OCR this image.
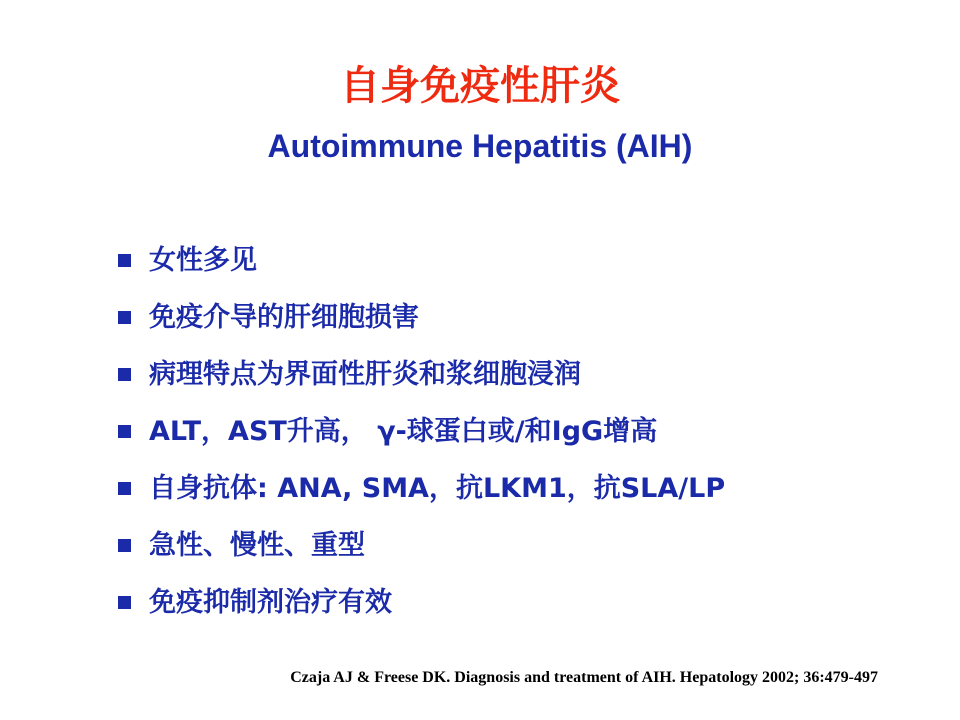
自身免疫性肝炎
Autoimmune Hepatitis (AIH)
女性多见
免疫介导的肝细胞损害
病理特点为界面性肝炎和浆细胞浸润
ALT，AST升高， γ-球蛋白或/和IgG增高
自身抗体: ANA, SMA，抗LKM1，抗SLA/LP
急性、慢性、重型
免疫抑制剂治疗有效
Czaja AJ & Freese DK. Diagnosis and treatment of AIH. Hepatology 2002; 36:479-497
